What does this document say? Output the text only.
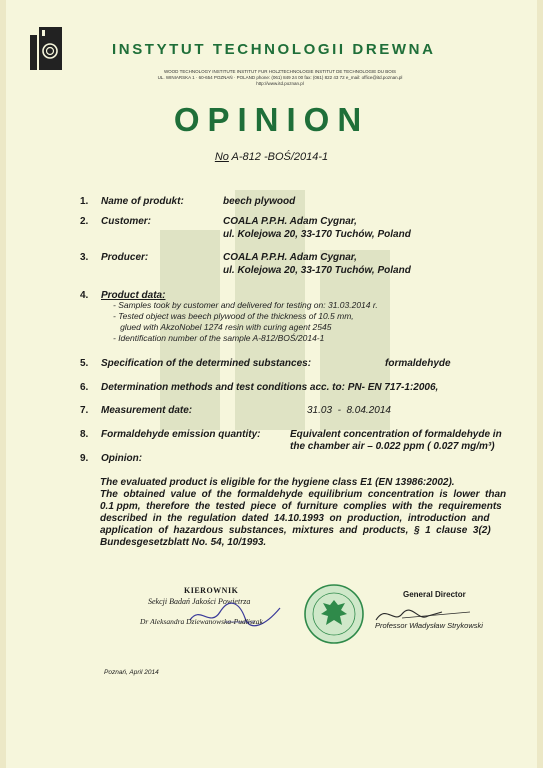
INSTYTUT TECHNOLOGII DREWNA
WOOD TECHNOLOGY INSTITUTE INSTITUT FUR HOLZTECHNOLOGIE INSTITUT DE TECHNOLOGIE DU BOIS
UL. WINIARSKA 1 · 60-654 POZNAŃ · POLAND phone: (061) 849 24 00 fax: (061) 822 43 72 e_mail: office@itd.poznan.pl
http://www.itd.poznan.pl
OPINION
No A-812 -BOŚ/2014-1
1. Name of produkt:	beech plywood
2. Customer:	COALA P.P.H. Adam Cygnar,
ul. Kolejowa 20, 33-170 Tuchów, Poland
3. Producer:	COALA P.P.H. Adam Cygnar,
ul. Kolejowa 20, 33-170 Tuchów, Poland
4. Product data:
- Samples took by customer and delivered for testing on: 31.03.2014 r.
- Tested object was beech plywood of the thickness of 10.5 mm,
glued with AkzoNobel 1274 resin with curing agent 2545
- Identification number of the sample A-812/BOŚ/2014-1
5. Specification of the determined substances:	formaldehyde
6. Determination methods and test conditions acc. to: PN- EN 717-1:2006,
7. Measurement date:	31.03  -  8.04.2014
8. Formaldehyde emission quantity:	Equivalent concentration of formaldehyde in
the chamber air – 0.022 ppm ( 0.027 mg/m³)
9. Opinion:
The evaluated product is eligible for the hygiene class E1 (EN 13986:2002).
The  obtained  value  of  the  formaldehyde  equilibrium  concentration  is  lower  than
0.1 ppm,  therefore  the  tested  piece  of  furniture  complies  with  the  requirements
described  in  the  regulation  dated  14.10.1993  on  production,  introduction  and
application  of  hazardous  substances,  mixtures  and  products,  §  1  clause  3(2)
Bundesgesetzblatt No. 54, 10/1993.
KIEROWNIK
Sekcji Badań Jakości Powietrza
Dr Aleksandra Dziewanowska-Pudliszak
General Director
Professor Władysław Strykowski
Poznań, April 2014
